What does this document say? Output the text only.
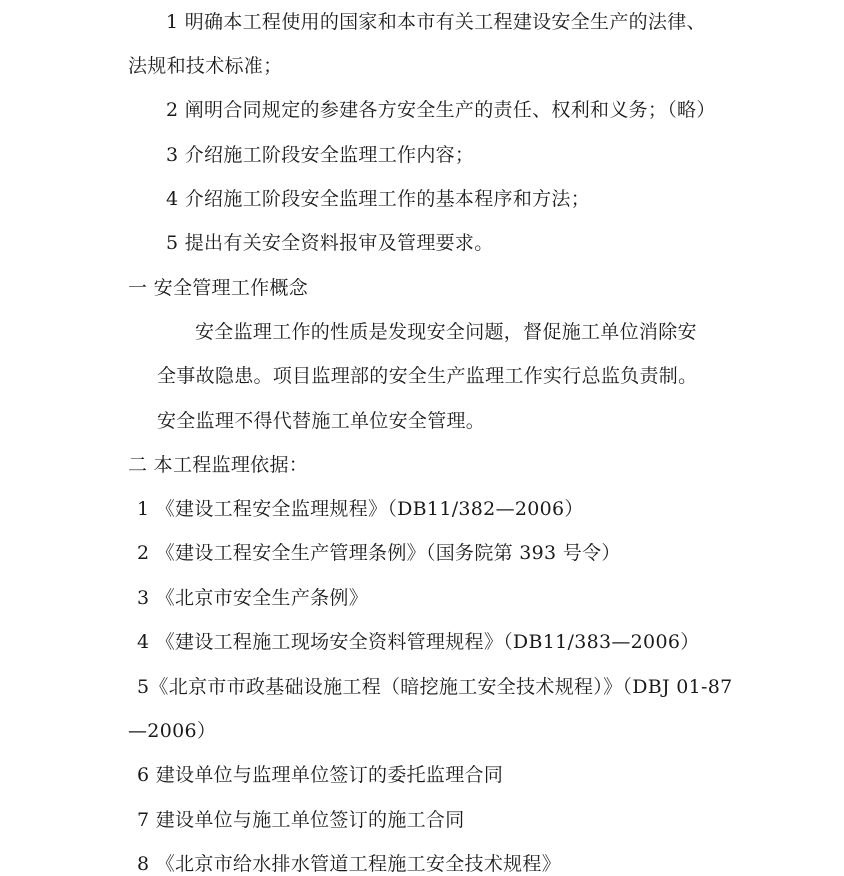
1 明确本工程使用的国家和本市有关工程建设安全生产的法律、
法规和技术标准；
2 阐明合同规定的参建各方安全生产的责任、权利和义务；（略）
3 介绍施工阶段安全监理工作内容；
4 介绍施工阶段安全监理工作的基本程序和方法；
5 提出有关安全资料报审及管理要求。
一 安全管理工作概念
安全监理工作的性质是发现安全问题，督促施工单位消除安
全事故隐患。项目监理部的安全生产监理工作实行总监负责制。
安全监理不得代替施工单位安全管理。
二 本工程监理依据：
1 《建设工程安全监理规程》（DB11/382—2006）
2 《建设工程安全生产管理条例》（国务院第 393 号令）
3 《北京市安全生产条例》
4 《建设工程施工现场安全资料管理规程》（DB11/383—2006）
5《北京市市政基础设施工程（暗挖施工安全技术规程）》（DBJ 01-87
—2006）
6 建设单位与监理单位签订的委托监理合同
7 建设单位与施工单位签订的施工合同
8 《北京市给水排水管道工程施工安全技术规程》
